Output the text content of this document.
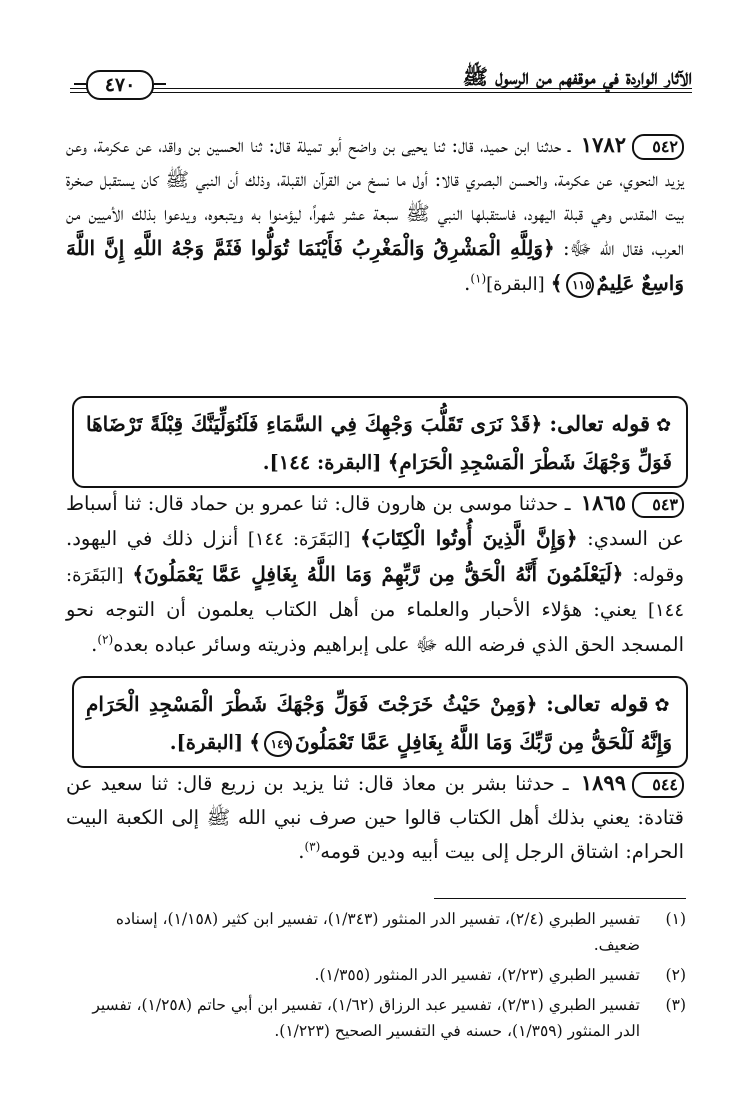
الآثار الواردة في موقفهم من الرسول ﷺ
٤٧٠
٥٤٢١٧٨٢ ـ حدثنا ابن حميد، قال: ثنا يحيى بن واضح أبو تميلة قال: ثنا الحسين بن واقد، عن عكرمة، وعن يزيد النحوي، عن عكرمة، والحسن البصري قالا: أول ما نسخ من القرآن القبلة، وذلك أن النبي ﷺ كان يستقبل صخرة بيت المقدس وهي قبلة اليهود، فاستقبلها النبي ﷺ سبعة عشر شهراً، ليؤمنوا به ويتبعوه، ويدعوا بذلك الأميين من العرب، فقال الله ﷻ: ﴿وَلِلَّهِ الْمَشْرِقُ وَالْمَغْرِبُ فَأَيْنَمَا تُوَلُّوا فَثَمَّ وَجْهُ اللَّهِ إِنَّ اللَّهَ وَاسِعٌ عَلِيمٌ١١٥﴾ [البقرة]$^{(١)}$.
✿قوله تعالى: ﴿قَدْ نَرَى تَقَلُّبَ وَجْهِكَ فِي السَّمَاءِ فَلَنُوَلِّيَنَّكَ قِبْلَةً تَرْضَاهَا فَوَلِّ وَجْهَكَ شَطْرَ الْمَسْجِدِ الْحَرَامِ﴾ [البقرة: ١٤٤].
٥٤٣١٨٦٥ ـ حدثنا موسى بن هارون قال: ثنا عمرو بن حماد قال: ثنا أسباط عن السدي: ﴿وَإِنَّ الَّذِينَ أُوتُوا الْكِتَابَ﴾ [البَقَرَة: ١٤٤] أنزل ذلك في اليهود. وقوله: ﴿لَيَعْلَمُونَ أَنَّهُ الْحَقُّ مِن رَّبِّهِمْ وَمَا اللَّهُ بِغَافِلٍ عَمَّا يَعْمَلُونَ﴾ [البَقَرَة: ١٤٤] يعني: هؤلاء الأحبار والعلماء من أهل الكتاب يعلمون أن التوجه نحو المسجد الحق الذي فرضه الله ﷻ على إبراهيم وذريته وسائر عباده بعده$^{(٢)}$.
✿قوله تعالى: ﴿وَمِنْ حَيْثُ خَرَجْتَ فَوَلِّ وَجْهَكَ شَطْرَ الْمَسْجِدِ الْحَرَامِ وَإِنَّهُ لَلْحَقُّ مِن رَّبِّكَ وَمَا اللَّهُ بِغَافِلٍ عَمَّا تَعْمَلُونَ١٤٩﴾ [البقرة].
٥٤٤١٨٩٩ ـ حدثنا بشر بن معاذ قال: ثنا يزيد بن زريع قال: ثنا سعيد عن قتادة: يعني بذلك أهل الكتاب قالوا حين صرف نبي الله ﷺ إلى الكعبة البيت الحرام: اشتاق الرجل إلى بيت أبيه ودين قومه$^{(٣)}$.
(١)
تفسير الطبري (٢/٤)، تفسير الدر المنثور (١/٣٤٣)، تفسير ابن كثير (١/١٥٨)، إسناده ضعيف.
(٢)
تفسير الطبري (٢/٢٣)، تفسير الدر المنثور (١/٣٥٥).
(٣)
تفسير الطبري (٢/٣١)، تفسير عبد الرزاق (١/٦٢)، تفسير ابن أبي حاتم (١/٢٥٨)، تفسير الدر المنثور (١/٣٥٩)، حسنه في التفسير الصحيح (١/٢٢٣).
